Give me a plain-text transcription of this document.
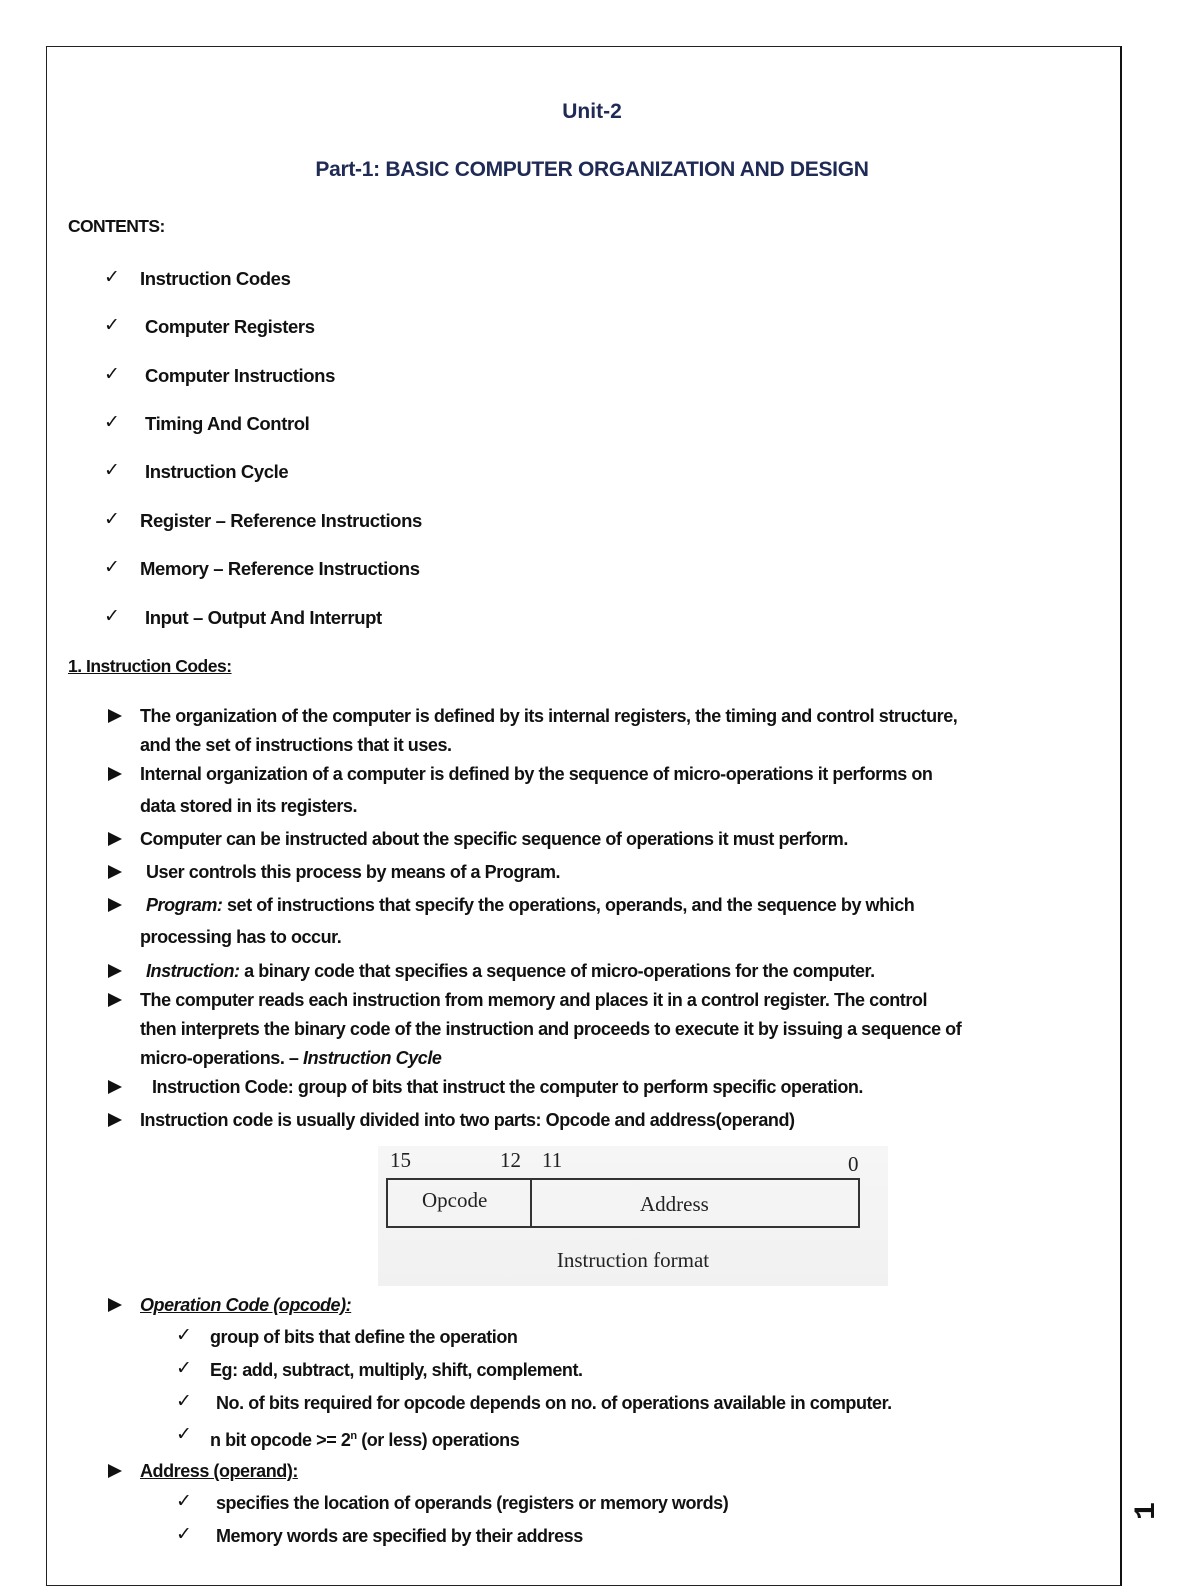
Unit-2
Part-1: BASIC COMPUTER ORGANIZATION AND DESIGN
CONTENTS:
✓ Instruction Codes
✓ Computer Registers
✓ Computer Instructions
✓ Timing And Control
✓ Instruction Cycle
✓ Register – Reference Instructions
✓ Memory – Reference Instructions
✓ Input – Output And Interrupt
1. Instruction Codes:
The organization of the computer is defined by its internal registers, the timing and control structure,
and the set of instructions that it uses.
Internal organization of a computer is defined by the sequence of micro-operations it performs on
data stored in its registers.
Computer can be instructed about the specific sequence of operations it must perform.
User controls this process by means of a Program.
Program: set of instructions that specify the operations, operands, and the sequence by which
processing has to occur.
Instruction: a binary code that specifies a sequence of micro-operations for the computer.
The computer reads each instruction from memory and places it in a control register. The control
then interprets the binary code of the instruction and proceeds to execute it by issuing a sequence of
micro-operations. – Instruction Cycle
Instruction Code: group of bits that instruct the computer to perform specific operation.
Instruction code is usually divided into two parts: Opcode and address(operand)
15	12 11	0
Opcode	Address
Instruction format
Operation Code (opcode):
✓ group of bits that define the operation
✓ Eg: add, subtract, multiply, shift, complement.
✓ No. of bits required for opcode depends on no. of operations available in computer.
✓ n bit opcode >= $2^n$ (or less) operations
Address (operand):
✓ specifies the location of operands (registers or memory words)
✓ Memory words are specified by their address
1
